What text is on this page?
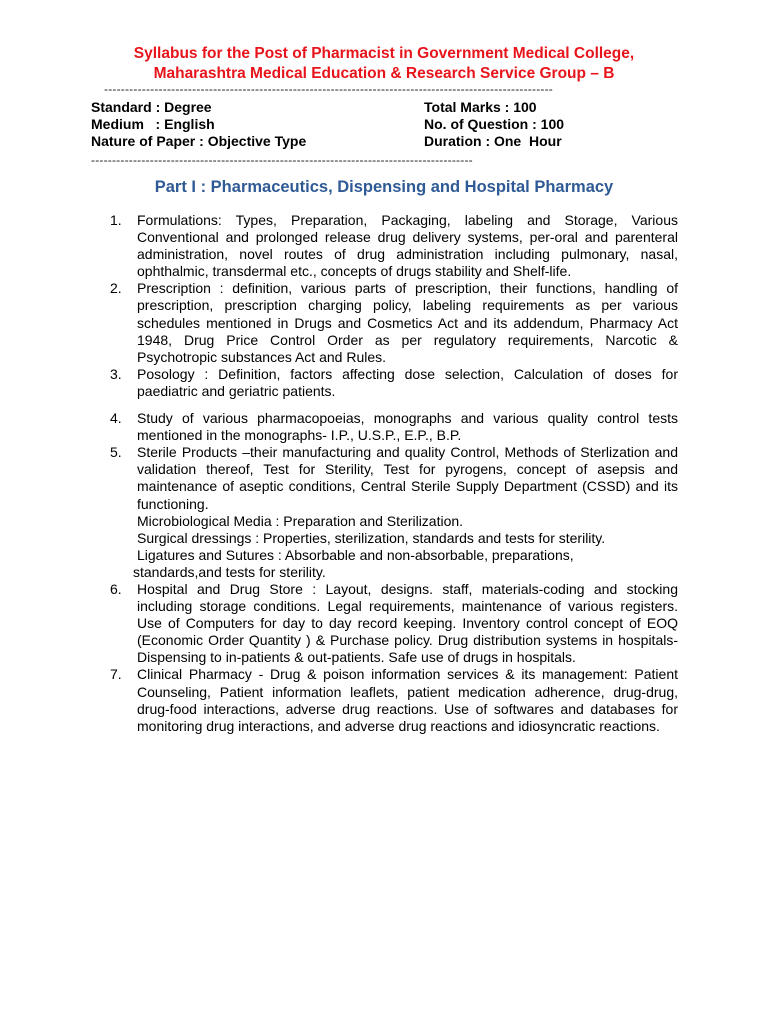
Syllabus for the Post of Pharmacist in Government Medical College,
Maharashtra Medical Education & Research Service Group – B
-----------------------------------------------------------------------------------------------------------
Standard : Degree
Medium   : English
Nature of Paper : Objective Type
Total Marks : 100
No. of Question : 100
Duration : One  Hour
-------------------------------------------------------------------------------------------
Part I : Pharmaceutics, Dispensing and Hospital Pharmacy
1. Formulations: Types, Preparation, Packaging, labeling and Storage, Various Conventional and prolonged release drug delivery systems, per-oral and parenteral administration, novel routes of drug administration including pulmonary, nasal, ophthalmic, transdermal etc., concepts of drugs stability and Shelf-life.
2. Prescription : definition, various parts of prescription, their functions, handling of prescription, prescription charging policy, labeling requirements as per various schedules mentioned in Drugs and Cosmetics Act and its addendum, Pharmacy Act 1948, Drug Price Control Order as per regulatory requirements, Narcotic & Psychotropic substances Act and Rules.
3. Posology : Definition, factors affecting dose selection, Calculation of doses for paediatric and geriatric patients.
4. Study of various pharmacopoeias, monographs and various quality control tests mentioned in the monographs- I.P., U.S.P., E.P., B.P.
5. Sterile Products –their manufacturing and quality Control, Methods of Sterlization and validation thereof, Test for Sterility, Test for pyrogens, concept of asepsis and maintenance of aseptic conditions, Central Sterile Supply Department (CSSD) and its functioning.
Microbiological Media : Preparation and Sterilization.
Surgical dressings : Properties, sterilization, standards and tests for sterility.
Ligatures and Sutures : Absorbable and non-absorbable, preparations,
standards,and tests for sterility.
6. Hospital and Drug Store : Layout, designs. staff, materials-coding and stocking including storage conditions. Legal requirements, maintenance of various registers. Use of Computers for day to day record keeping. Inventory control concept of EOQ (Economic Order Quantity ) & Purchase policy. Drug distribution systems in hospitals- Dispensing to in-patients & out-patients. Safe use of drugs in hospitals.
7. Clinical Pharmacy - Drug & poison information services & its management: Patient Counseling, Patient information leaflets, patient medication adherence, drug-drug, drug-food interactions, adverse drug reactions. Use of softwares and databases for monitoring drug interactions, and adverse drug reactions and idiosyncratic reactions.
